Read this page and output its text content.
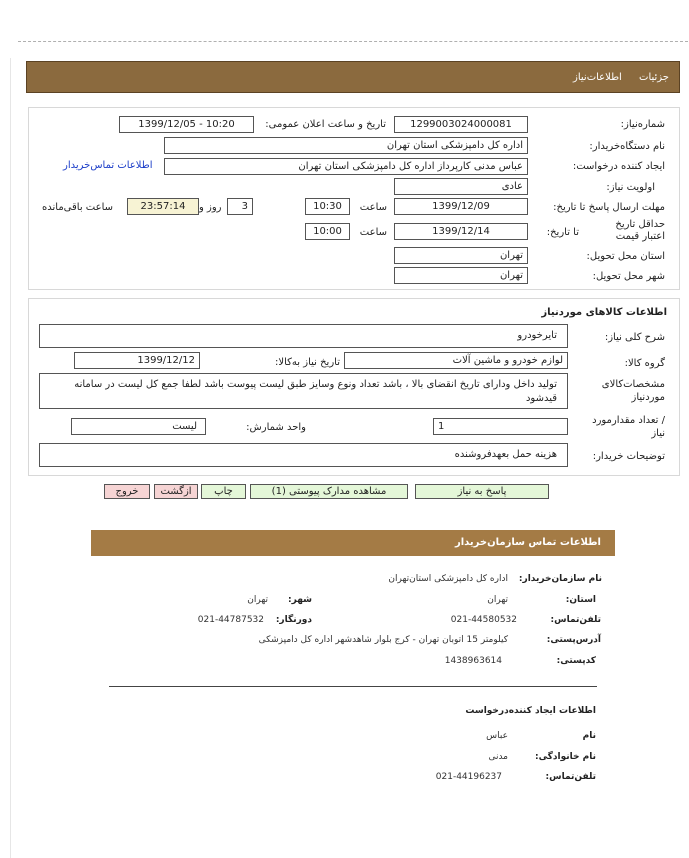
جزئیات اطلاعات‌نیاز
شماره‌نیاز:
1299003024000081
تاریخ و ساعت اعلان عمومی:
1399/12/05 - 10:20
نام دستگاه‌خریدار:
اداره کل دامپزشکی استان تهران
ایجاد کننده درخواست:
عباس مدنی کارپرداز اداره کل دامپزشکی استان تهران
اطلاعات تماس‌خریدار
اولویت نیاز:
عادی
مهلت ارسال پاسخ تا تاریخ:
1399/12/09
ساعت
10:30
3
روز و
23:57:14
ساعت باقی‌مانده
حداقل تاریخ اعتبار قیمت
تا تاریخ:
1399/12/14
ساعت
10:00
استان محل تحویل:
تهران
شهر محل تحویل:
تهران
اطلاعات کالاهای موردنیاز
شرح کلی نیاز:
تایرخودرو
گروه کالا:
لوازم خودرو و ماشین آلات
تاریخ نیاز به‌کالا:
1399/12/12
مشخصات‌کالای موردنیاز
تولید داخل ودارای تاریخ انقضای بالا ، باشد تعداد ونوع وسایز طبق لیست پیوست باشد لطفا جمع کل لیست در سامانه قیدشود
/ تعداد مقدارمورد نیاز
1
واحد شمارش:
لیست
توضیحات خریدار:
هزینه حمل بعهدفروشنده
پاسخ به نیاز
مشاهده مدارک پیوستی (1)
چاپ
ازگشت
خروج
اطلاعات تماس سازمان‌خریدار
نام سازمان‌خریدار:
اداره کل دامپزشکی استان‌تهران
استان:
تهران
شهر:
تهران
تلفن‌تماس:
021-44580532
دورنگار:
021-44787532
آدرس‌پستی:
کیلومتر 15 اتوبان تهران - کرج بلوار شاهدشهر اداره کل دامپزشکی
کدپستی:
1438963614
اطلاعات ایجاد کننده‌درخواست
نام
عباس
نام خانوادگی:
مدنی
تلفن‌تماس:
021-44196237
